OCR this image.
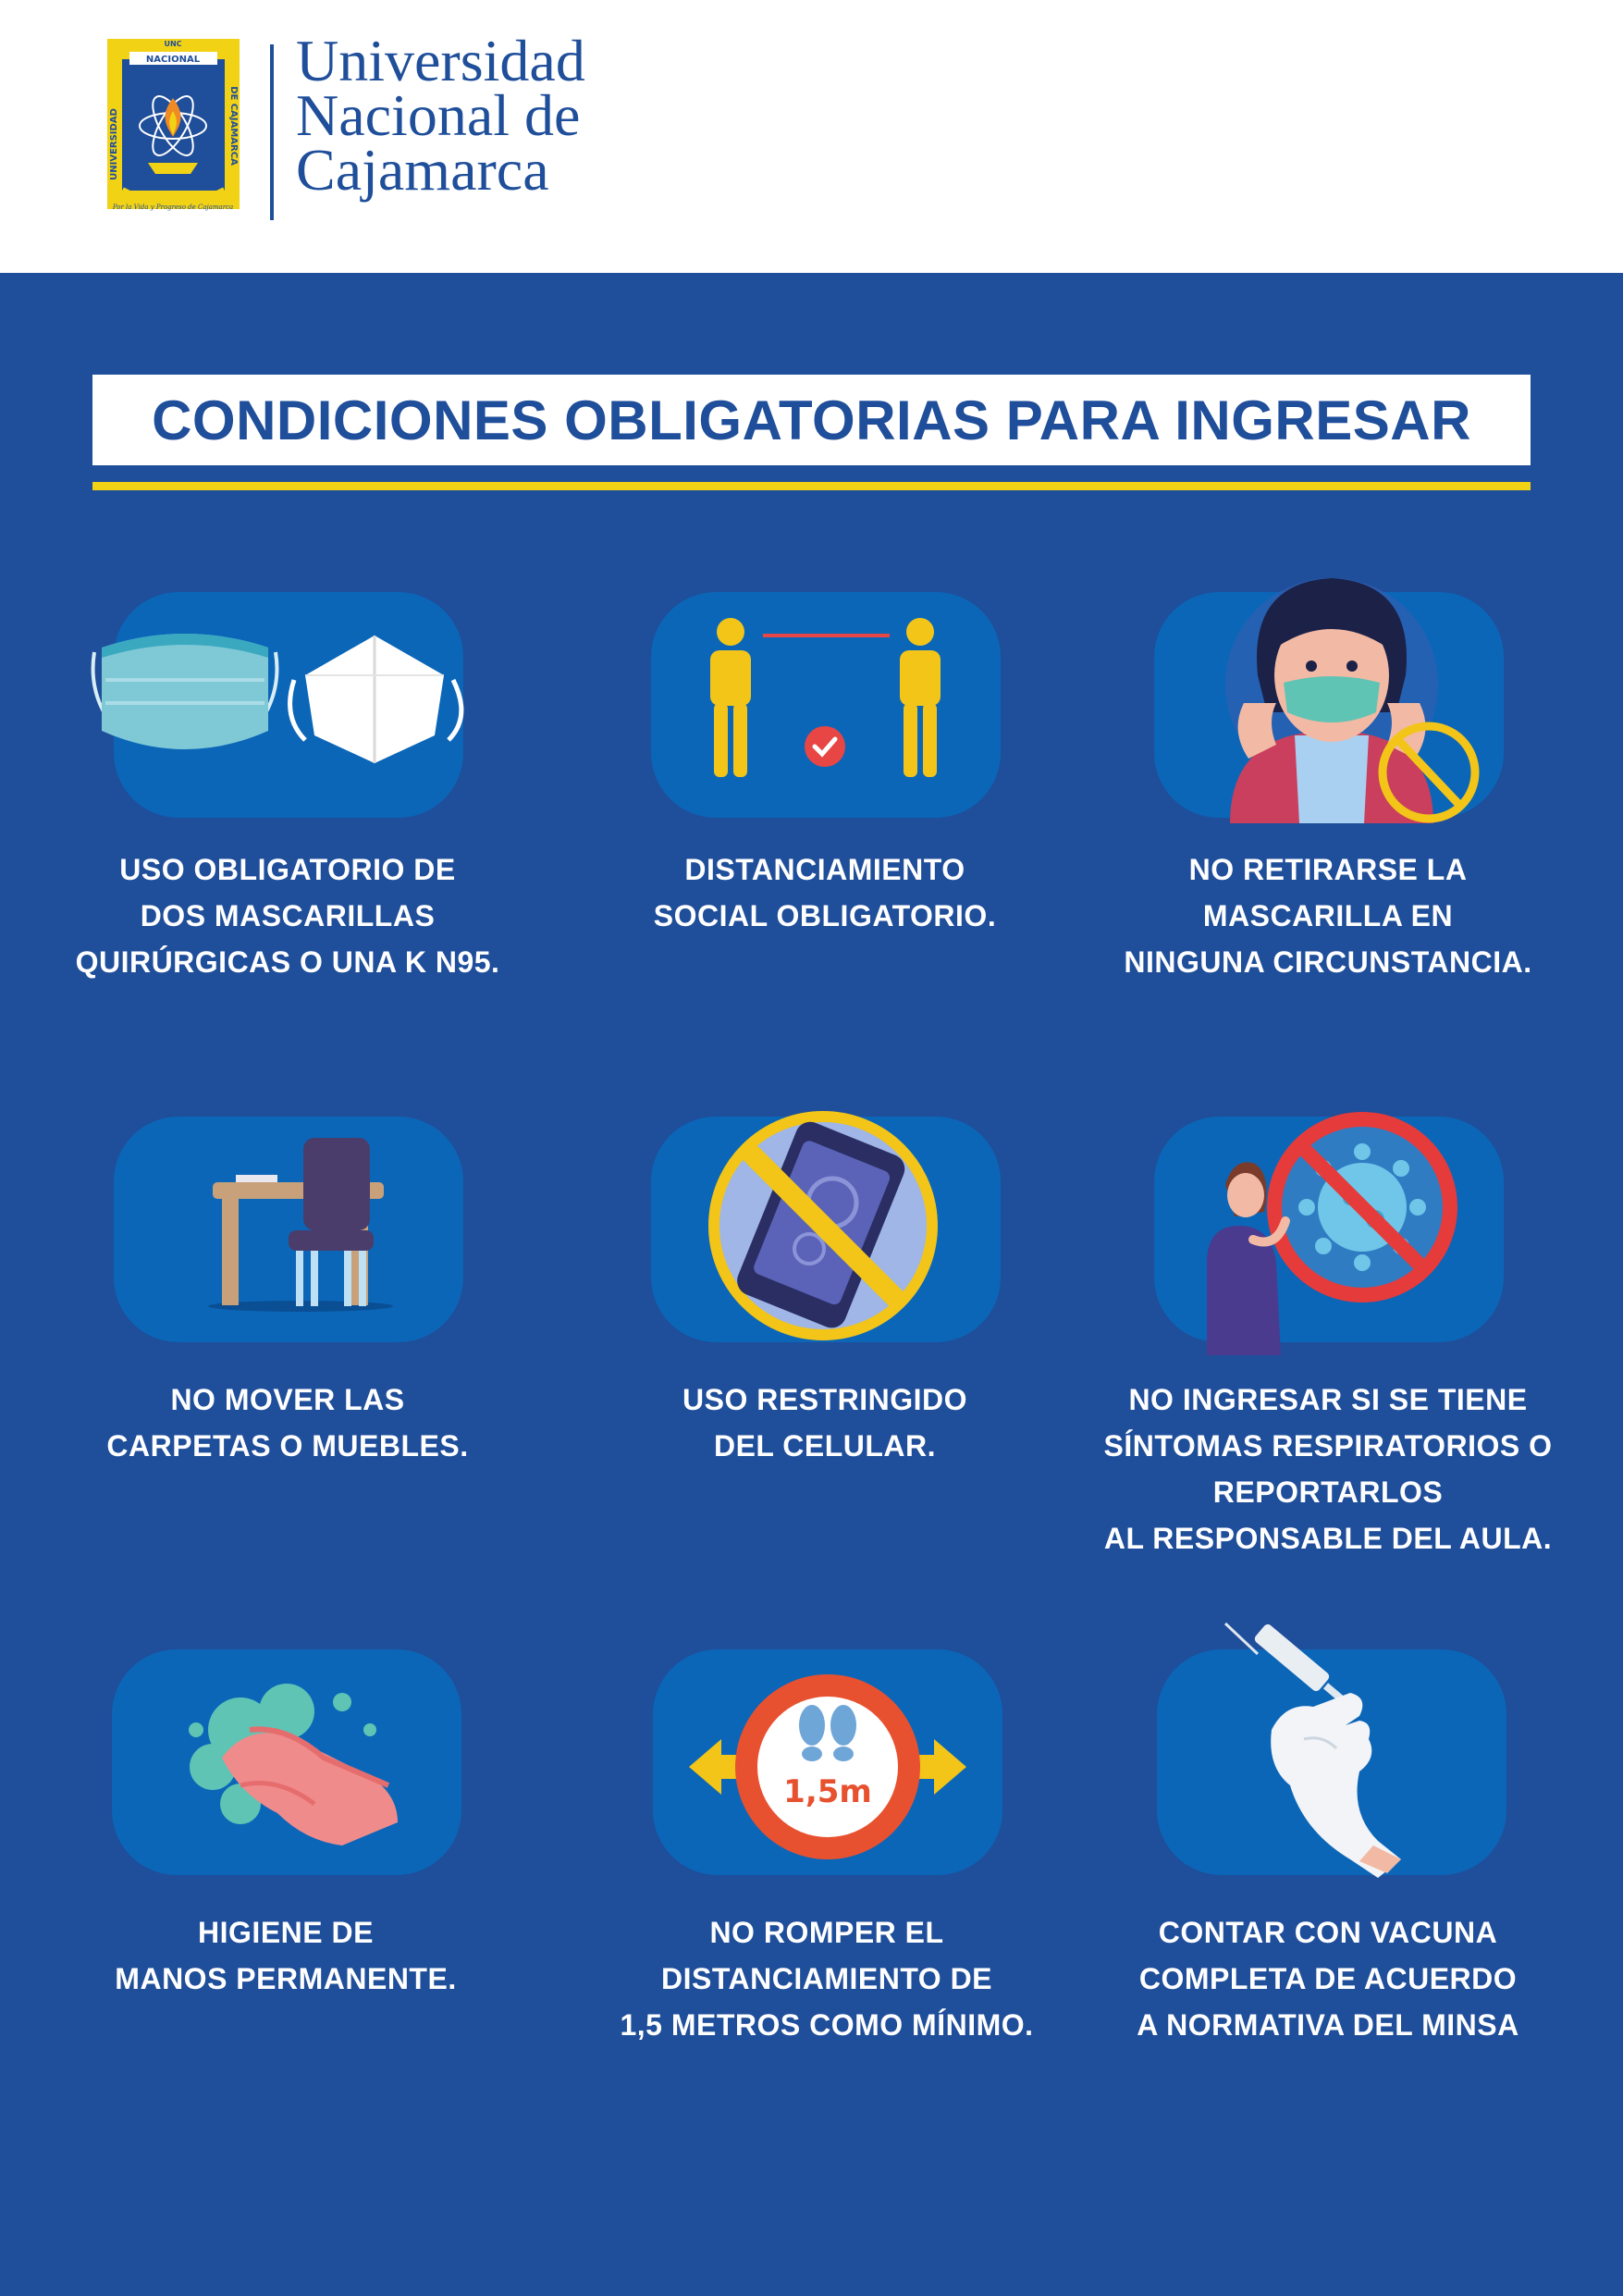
UNC
NACIONAL
UNIVERSIDAD	DE CAJAMARCA
Por la Vida y Progreso de Cajamarca
Universidad
Nacional de
Cajamarca
CONDICIONES OBLIGATORIAS PARA INGRESAR
USO OBLIGATORIO DE
DOS MASCARILLAS
QUIRÚRGICAS O UNA K N95.
DISTANCIAMIENTO
SOCIAL OBLIGATORIO.
NO RETIRARSE LA
MASCARILLA EN
NINGUNA CIRCUNSTANCIA.
NO MOVER LAS
CARPETAS O MUEBLES.
USO RESTRINGIDO
DEL CELULAR.
NO INGRESAR SI SE TIENE
SÍNTOMAS RESPIRATORIOS O
REPORTARLOS
AL RESPONSABLE DEL AULA.
HIGIENE DE
MANOS PERMANENTE.
1,5m
NO ROMPER EL
DISTANCIAMIENTO DE
1,5 METROS COMO MÍNIMO.
CONTAR CON VACUNA
COMPLETA DE ACUERDO
A NORMATIVA DEL MINSA
